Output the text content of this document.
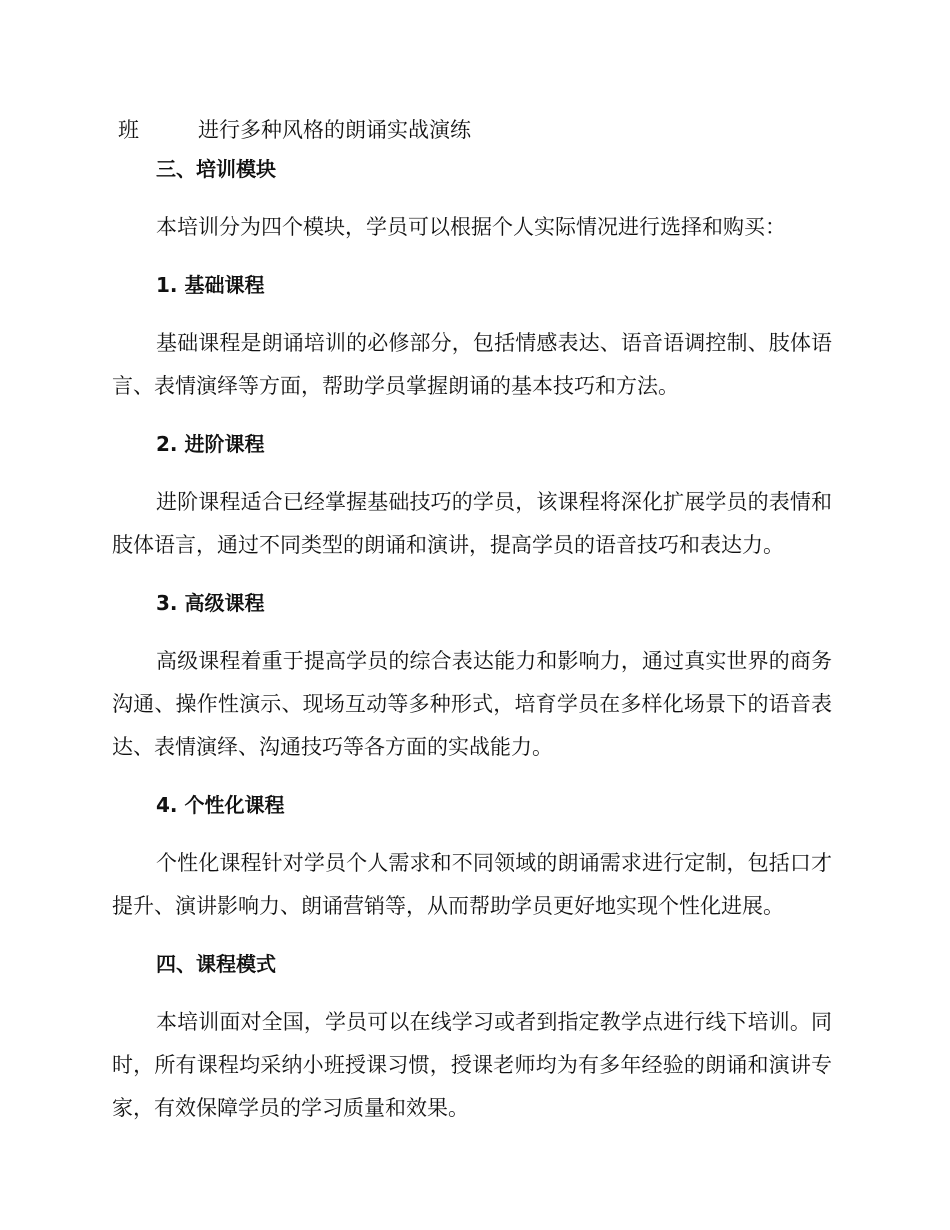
班	进行多种风格的朗诵实战演练
三、培训模块

本培训分为四个模块，学员可以根据个人实际情况进行选择和购买：

1. 基础课程

基础课程是朗诵培训的必修部分，包括情感表达、语音语调控制、肢体语言、表情演绎等方面，帮助学员掌握朗诵的基本技巧和方法。

2. 进阶课程

进阶课程适合已经掌握基础技巧的学员，该课程将深化扩展学员的表情和肢体语言，通过不同类型的朗诵和演讲，提高学员的语音技巧和表达力。

3. 高级课程

高级课程着重于提高学员的综合表达能力和影响力，通过真实世界的商务沟通、操作性演示、现场互动等多种形式，培育学员在多样化场景下的语音表达、表情演绎、沟通技巧等各方面的实战能力。

4. 个性化课程

个性化课程针对学员个人需求和不同领域的朗诵需求进行定制，包括口才提升、演讲影响力、朗诵营销等，从而帮助学员更好地实现个性化进展。

四、课程模式

本培训面对全国，学员可以在线学习或者到指定教学点进行线下培训。同时，所有课程均采纳小班授课习惯，授课老师均为有多年经验的朗诵和演讲专家，有效保障学员的学习质量和效果。
